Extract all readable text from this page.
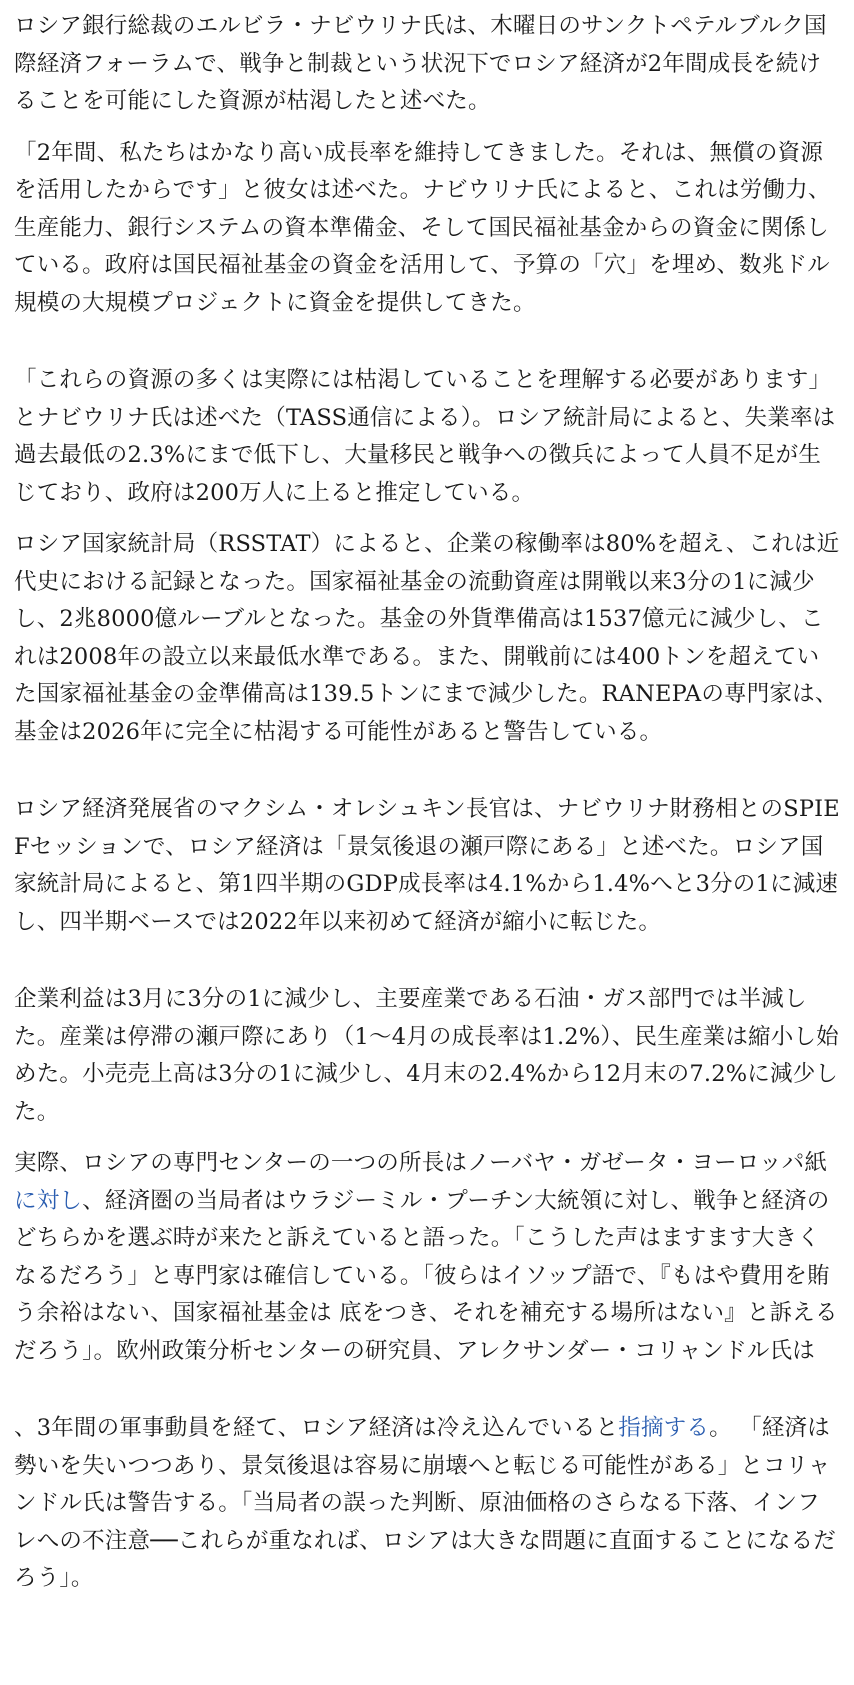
ロシア銀行総裁のエルビラ・ナビウリナ氏は、木曜日のサンクトペテルブルク国際経済フォーラムで、戦争と制裁という状況下でロシア経済が2年間成長を続けることを可能にした資源が枯渇したと述べた。

「2年間、私たちはかなり高い成長率を維持してきました。それは、無償の資源を活用したからです」と彼女は述べた。ナビウリナ氏によると、これは労働力、生産能力、銀行システムの資本準備金、そして国民福祉基金からの資金に関係している。政府は国民福祉基金の資金を活用して、予算の「穴」を埋め、数兆ドル規模の大規模プロジェクトに資金を提供してきた。

「これらの資源の多くは実際には枯渇していることを理解する必要があります」とナビウリナ氏は述べた（TASS通信による）。ロシア統計局によると、失業率は過去最低の2.3%にまで低下し、大量移民と戦争への徴兵によって人員不足が生じており、政府は200万人に上ると推定している。

ロシア国家統計局（RSSTAT）によると、企業の稼働率は80%を超え、これは近代史における記録となった。国家福祉基金の流動資産は開戦以来3分の1に減少し、2兆8000億ルーブルとなった。基金の外貨準備高は1537億元に減少し、これは2008年の設立以来最低水準である。また、開戦前には400トンを超えていた国家福祉基金の金準備高は139.5トンにまで減少した。RANEPAの専門家は、基金は2026年に完全に枯渇する可能性があると警告している。

ロシア経済発展省のマクシム・オレシュキン長官は、ナビウリナ財務相とのSPIEFセッションで、ロシア経済は「景気後退の瀬戸際にある」と述べた。ロシア国家統計局によると、第1四半期のGDP成長率は4.1%から1.4%へと3分の1に減速し、四半期ベースでは2022年以来初めて経済が縮小に転じた。

企業利益は3月に3分の1に減少し、主要産業である石油・ガス部門では半減した。産業は停滞の瀬戸際にあり（1〜4月の成長率は1.2%）、民生産業は縮小し始めた。小売売上高は3分の1に減少し、4月末の2.4%から12月末の7.2%に減少した。

実際、ロシアの専門センターの一つの所長はノーバヤ・ガゼータ・ヨーロッパ紙に対し、経済圏の当局者はウラジーミル・プーチン大統領に対し、戦争と経済のどちらかを選ぶ時が来たと訴えていると語った。「こうした声はますます大きくなるだろう」と専門家は確信している。「彼らはイソップ語で、『もはや費用を賄う余裕はない、国家福祉基金は 底をつき、それを補充する場所はない』と訴えるだろう」。欧州政策分析センターの研究員、アレクサンダー・コリャンドル氏は

、3年間の軍事動員を経て、ロシア経済は冷え込んでいると指摘する。 「経済は勢いを失いつつあり、景気後退は容易に崩壊へと転じる可能性がある」とコリャンドル氏は警告する。「当局者の誤った判断、原油価格のさらなる下落、インフレへの不注意──これらが重なれば、ロシアは大きな問題に直面することになるだろう」。
